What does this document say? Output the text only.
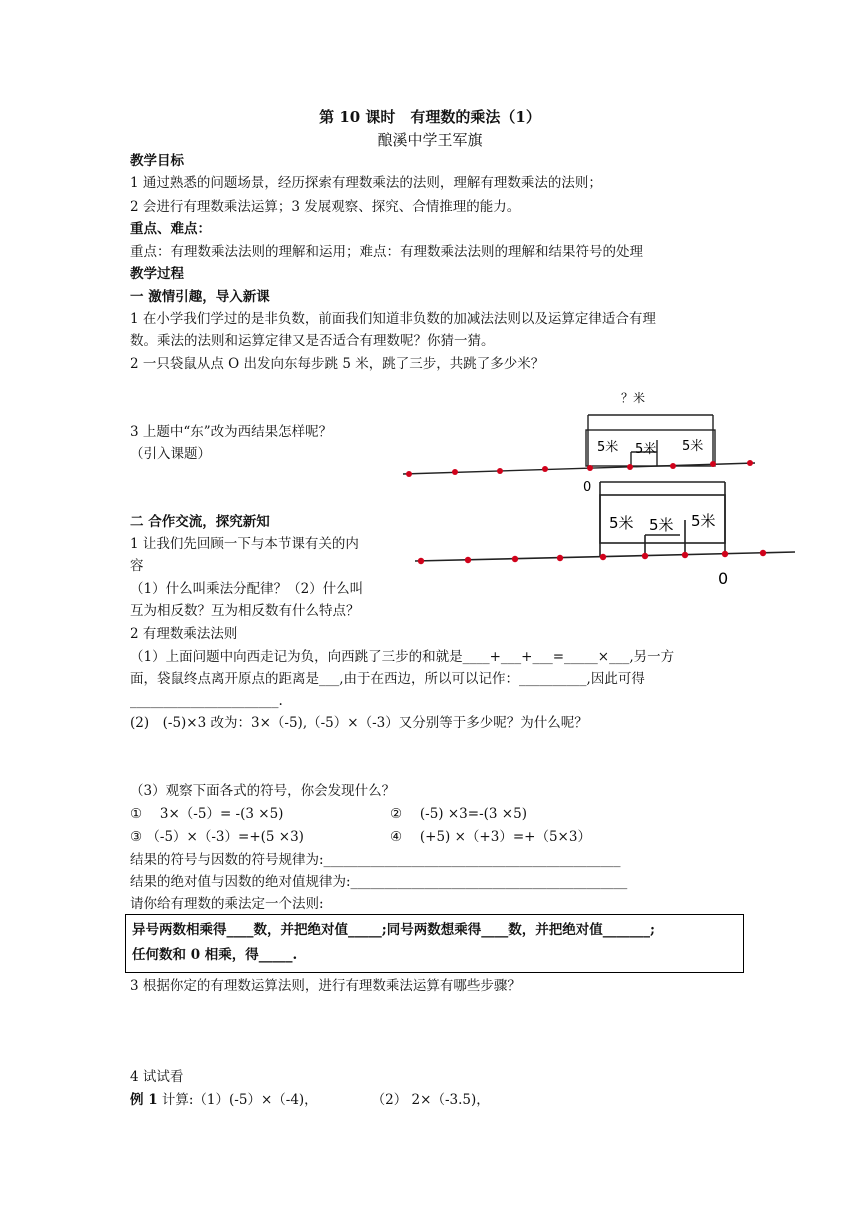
第 10 课时　有理数的乘法（1）
酿溪中学王军旗
教学目标
1 通过熟悉的问题场景，经历探索有理数乘法的法则，理解有理数乘法的法则；
2 会进行有理数乘法运算；3 发展观察、探究、合情推理的能力。
重点、难点：
重点：有理数乘法法则的理解和运用；难点：有理数乘法法则的理解和结果符号的处理
教学过程
一 激情引趣，导入新课
1 在小学我们学过的是非负数，前面我们知道非负数的加减法法则以及运算定律适合有理
数。乘法的法则和运算定律又是否适合有理数呢？你猜一猜。
2 一只袋鼠从点 O 出发向东每步跳 5 米，跳了三步，共跳了多少米？
3 上题中“东”改为西结果怎样呢？
（引入课题）
二 合作交流，探究新知
1 让我们先回顾一下与本节课有关的内
容
（1）什么叫乘法分配律？（2）什么叫
互为相反数？互为相反数有什么特点？
2 有理数乘法法则
（1）上面问题中向西走记为负，向西跳了三步的和就是____+___+___=_____×___,另一方
面，袋鼠终点离开原点的距离是___,由于在西边，所以可以记作：__________,因此可得
______________________.
(2)　(-5)×3 改为：3×（-5),（-5）×（-3）又分别等于多少呢？为什么呢？
（3）观察下面各式的符号，你会发现什么？
①　 3×（-5）= -(3 ×5)	②　 (-5) ×3=-(3 ×5)
③ （-5）×（-3）=+(5 ×3)	④　 (+5) ×（+3）=+（5×3）
结果的符号与因数的符号规律为:____________________________________________
结果的绝对值与因数的绝对值规律为:_________________________________________
请你给有理数的乘法定一个法则:
异号两数相乘得____数，并把绝对值_____;同号两数想乘得____数，并把绝对值_______;
任何数和 0 相乘，得_____.
3 根据你定的有理数运算法则，进行有理数乘法运算有哪些步骤？
4 试试看
例 1 计算:（1）(-5）×（-4)，　　　　　（2） 2×（-3.5)，
？米
5米 5米 5米
0
5米 5米 5米
0
